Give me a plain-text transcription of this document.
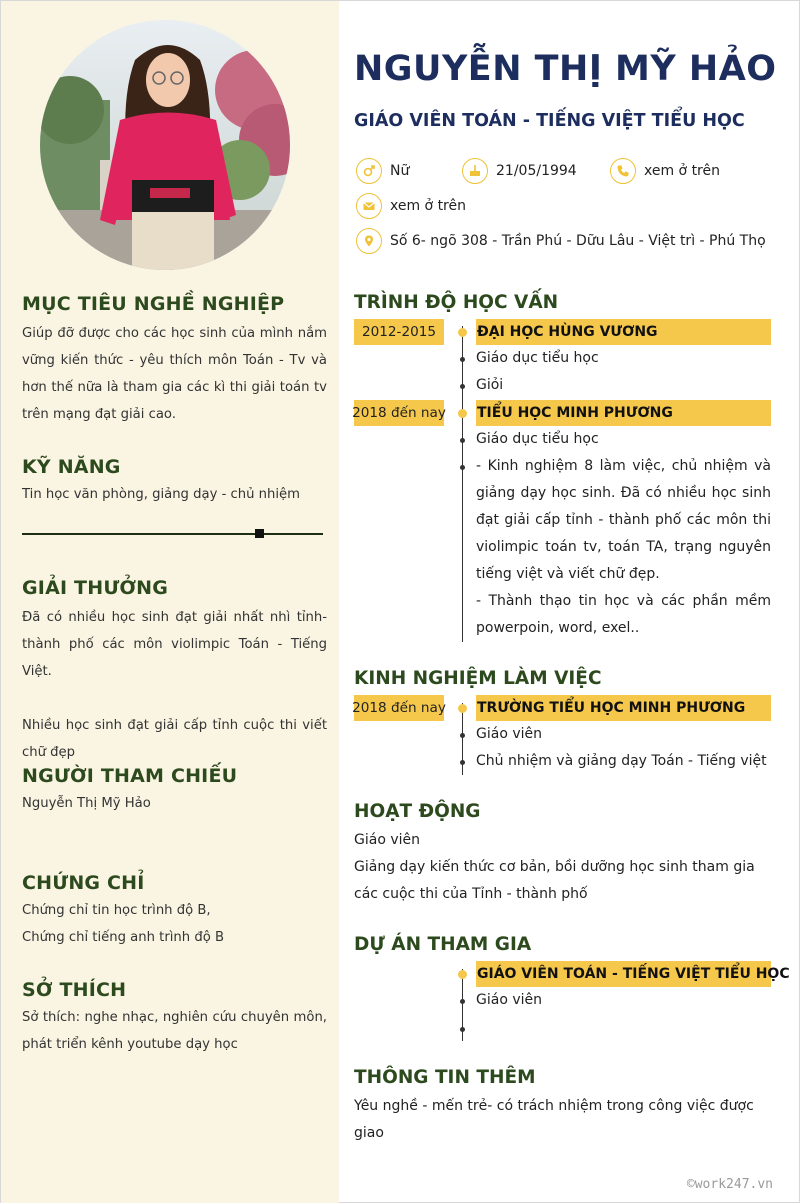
MỤC TIÊU NGHỀ NGHIỆP
Giúp đỡ được cho các học sinh của mình nắm vững kiến thức - yêu thích môn Toán - Tv và hơn thế nữa là tham gia các kì thi giải toán tv trên mạng đạt giải cao.
KỸ NĂNG
Tin học văn phòng, giảng dạy - chủ nhiệm
GIẢI THƯỞNG

Đã có nhiều học sinh đạt giải nhất nhì tỉnh- thành phố các môn violimpic Toán - Tiếng Việt.

Nhiều học sinh đạt giải cấp tỉnh cuộc thi viết chữ đẹp

NGƯỜI THAM CHIẾU
Nguyễn Thị Mỹ Hảo
CHỨNG CHỈ

Chứng chỉ tin học trình độ B,

Chứng chỉ tiếng anh trình độ B

SỞ THÍCH
Sở thích: nghe nhạc, nghiên cứu chuyên môn, phát triển kênh youtube dạy học
NGUYỄN THỊ MỸ HẢO
GIÁO VIÊN TOÁN - TIẾNG VIỆT TIỂU HỌC
Nữ	21/05/1994	xem ở trên
xem ở trên
Số 6- ngõ 308 - Trần Phú - Dữu Lâu - Việt trì - Phú Thọ
TRÌNH ĐỘ HỌC VẤN
2012-2015	ĐẠI HỌC HÙNG VƯƠNG
Giáo dục tiểu học
Giỏi
2018 đến nay TIỂU HỌC MINH PHƯƠNG
Giáo dục tiểu học

- Kinh nghiệm 8 làm việc, chủ nhiệm và giảng dạy học sinh. Đã có nhiều học sinh đạt giải cấp tỉnh - thành phố các môn thi violimpic toán tv, toán TA, trạng nguyên tiếng việt và viết chữ đẹp.

- Thành thạo tin học và các phần mềm powerpoin, word, exel..

KINH NGHIỆM LÀM VIỆC
2018 đến nay TRƯỜNG TIỂU HỌC MINH PHƯƠNG
Giáo viên
Chủ nhiệm và giảng dạy Toán - Tiếng việt
HOẠT ĐỘNG

Giáo viên

Giảng dạy kiến thức cơ bản, bồi dưỡng học sinh tham gia các cuộc thi của Tỉnh - thành phố

DỰ ÁN THAM GIA
GIÁO VIÊN TOÁN - TIẾNG VIỆT TIỂU HỌC
Giáo viên
THÔNG TIN THÊM
Yêu nghề - mến trẻ- có trách nhiệm trong công việc được giao
©work247.vn
